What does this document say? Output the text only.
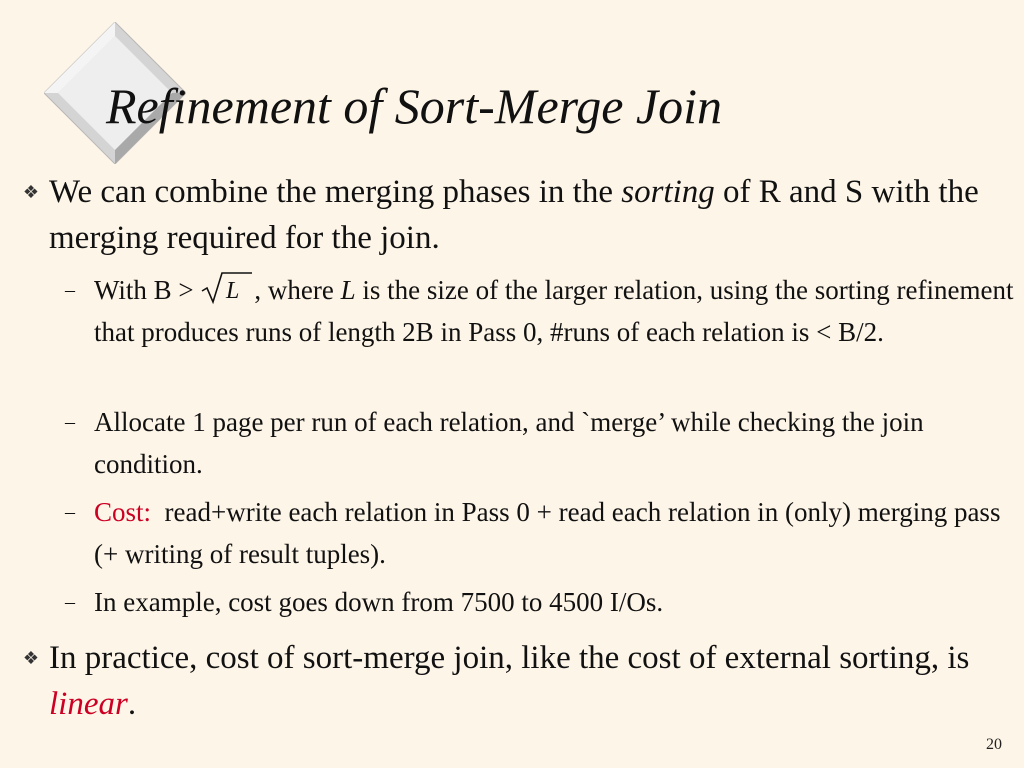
Refinement of Sort-Merge Join
❖ We can combine the merging phases in the sorting of R and S with the merging required for the join.
– With B > L , where L is the size of the larger relation, using the sorting refinement that produces runs of length 2B in Pass 0, #runs of each relation is < B/2.
– Allocate 1 page per run of each relation, and `merge’ while checking the join condition.
– Cost:  read+write each relation in Pass 0 + read each relation in (only) merging pass  (+ writing of result tuples).
– In example, cost goes down from 7500 to 4500 I/Os.
❖ In practice, cost of sort-merge join, like the cost of external sorting, is linear.
20
